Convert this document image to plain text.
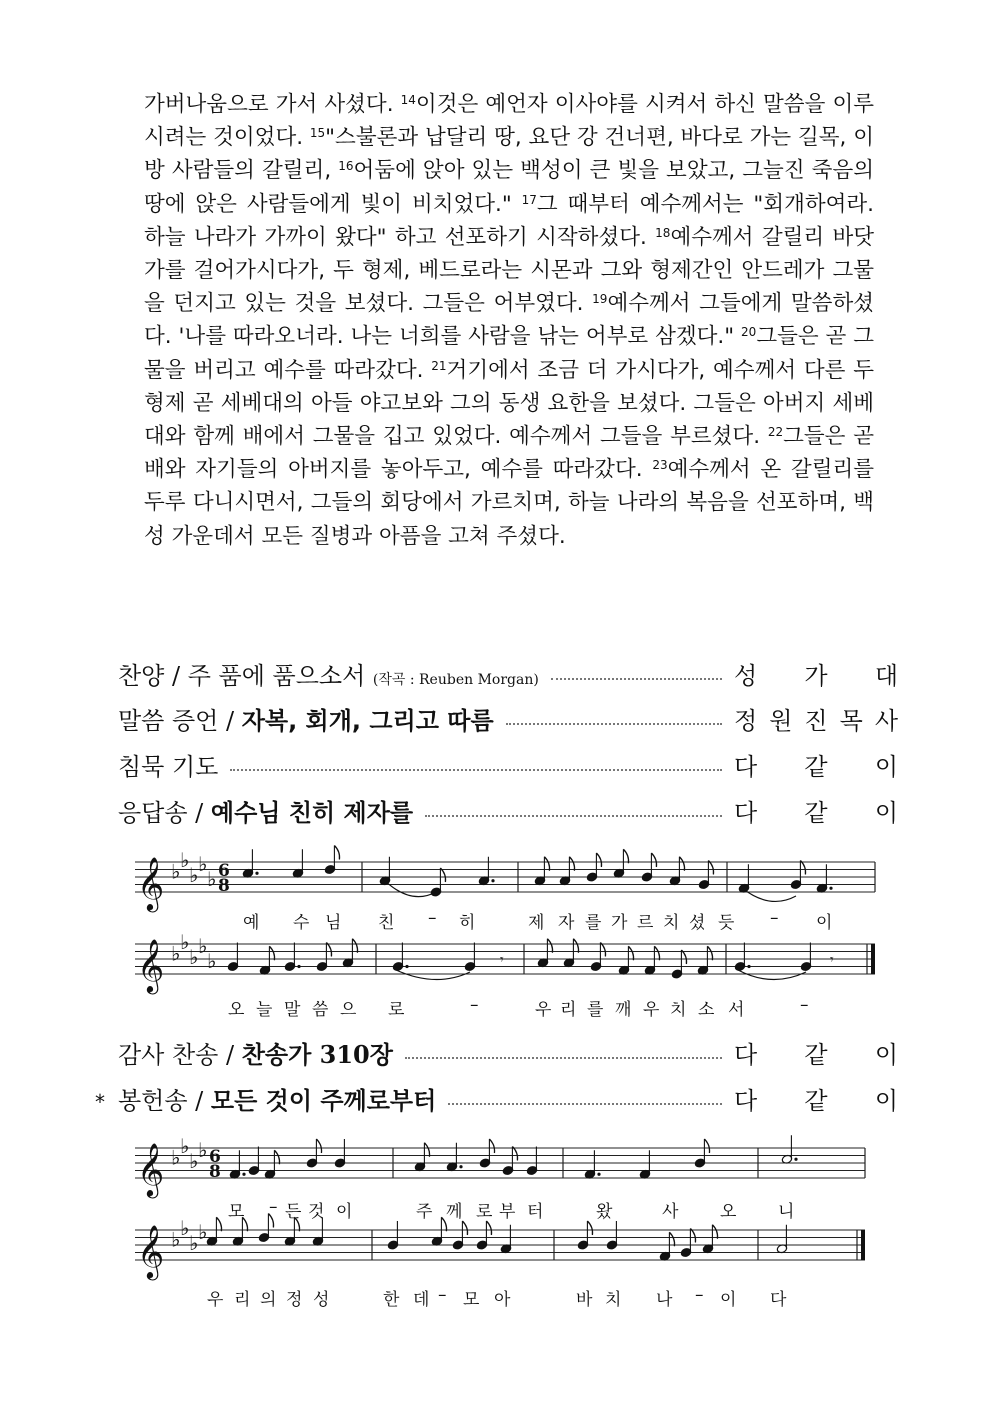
가버나움으로 가서 사셨다. $^{14}$이것은 예언자 이사야를 시켜서 하신 말씀을 이루시려는 것이었다. $^{15}$"스불론과 납달리 땅, 요단 강 건너편, 바다로 가는 길목, 이방 사람들의 갈릴리, $^{16}$어둠에 앉아 있는 백성이 큰 빛을 보았고, 그늘진 죽음의 땅에 앉은 사람들에게 빛이 비치었다." $^{17}$그 때부터 예수께서는 "회개하여라. 하늘 나라가 가까이 왔다" 하고 선포하기 시작하셨다. $^{18}$예수께서 갈릴리 바닷가를 걸어가시다가, 두 형제, 베드로라는 시몬과 그와 형제간인 안드레가 그물을 던지고 있는 것을 보셨다. 그들은 어부였다. $^{19}$예수께서 그들에게 말씀하셨다. '나를 따라오너라. 나는 너희를 사람을 낚는 어부로 삼겠다." $^{20}$그들은 곧 그물을 버리고 예수를 따라갔다. $^{21}$거기에서 조금 더 가시다가, 예수께서 다른 두 형제 곧 세베대의 아들 야고보와 그의 동생 요한을 보셨다. 그들은 아버지 세베대와 함께 배에서 그물을 깁고 있었다. 예수께서 그들을 부르셨다. $^{22}$그들은 곧 배와 자기들의 아버지를 놓아두고, 예수를 따라갔다. $^{23}$예수께서 온 갈릴리를 두루 다니시면서, 그들의 회당에서 가르치며, 하늘 나라의 복음을 선포하며, 백성 가운데서 모든 질병과 아픔을 고쳐 주셨다.
찬양 / 주 품에 품으소서 (작곡 : Reuben Morgan)	성 가 대
말씀 증언 / 자복, 회개, 그리고 따름	정 원 진 목 사
침묵 기도	다 같 이
응답송 / 예수님 친히 제자를	다 같 이
감사 찬송 / 찬송가 310장	다 같 이
* 봉헌송 / 모든 것이 주께로부터	다 같 이
𝄞 ♭ ♭
♭ ♭
♭ 6
8
𝄞 ♭ ♭
♭ ♭
♭	𝄾	𝄾
𝄞 ♭ ♭
♭ ♭ 6
8
𝄞 ♭ ♭
♭ ♭
예 수 님 친 – 히	제 자 를 가 르 치 셨 듯 – 이
오 늘 말 씀 으 로	–	우 리 를 깨 우 치 소 서	–
모 – 든 것 이	주 께 로 부 터	왔	사 오 니
우 리 의 정 성	한 데 – 모 아	바 치 나 – 이 다
